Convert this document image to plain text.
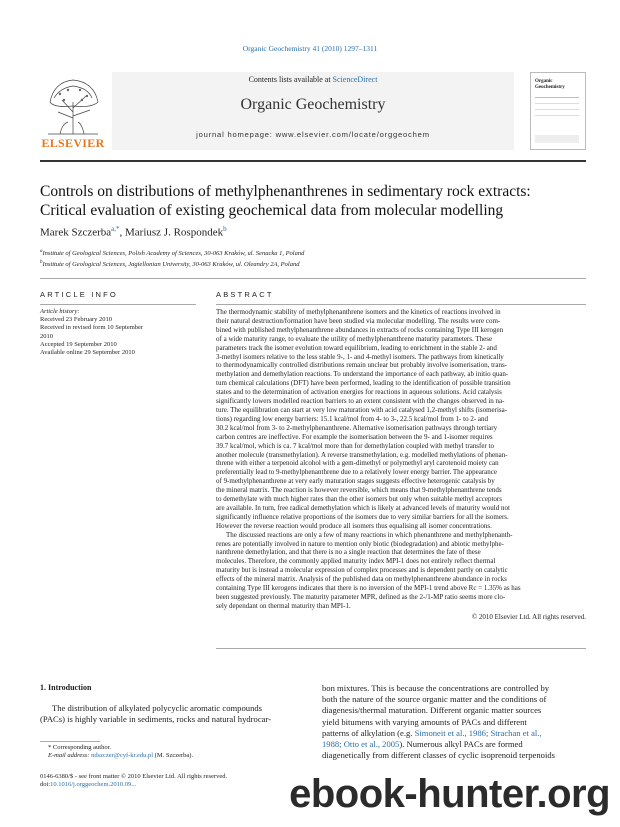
Organic Geochemistry 41 (2010) 1297–1311
ELSEVIER
Contents lists available at ScienceDirect
Organic Geochemistry
journal homepage: www.elsevier.com/locate/orggeochem
Organic
Geochemistry
Controls on distributions of methylphenanthrenes in sedimentary rock extracts:
Critical evaluation of existing geochemical data from molecular modelling
Marek Szczerba$^{a,*}$, Mariusz J. Rospondek$^b$
$^a$Institute of Geological Sciences, Polish Academy of Sciences, 30-063 Kraków, ul. Senacka 1, Poland
$^b$Institute of Geological Sciences, Jagiellonian University, 30-063 Kraków, ul. Oleandry 2A, Poland
ARTICLE INFO
Article history:
Received 23 February 2010
Received in revised form 10 September
2010
Accepted 19 September 2010
Available online 29 September 2010
ABSTRACT
The thermodynamic stability of methylphenanthrene isomers and the kinetics of reactions involved in
their natural destruction/formation have been studied via molecular modelling. The results were com-
bined with published methylphenanthrene abundances in extracts of rocks containing Type III kerogen
of a wide maturity range, to evaluate the utility of methylphenanthrene maturity parameters. These
parameters track the isomer evolution toward equilibrium, leading to enrichment in the stable 2- and
3-methyl isomers relative to the less stable 9-, 1- and 4-methyl isomers. The pathways from kinetically
to thermodynamically controlled distributions remain unclear but probably involve isomerisation, trans-
methylation and demethylation reactions. To understand the importance of each pathway, ab initio quan-
tum chemical calculations (DFT) have been performed, leading to the identification of possible transition
states and to the determination of activation energies for reactions in aqueous solutions. Acid catalysis
significantly lowers modelled reaction barriers to an extent consistent with the changes observed in na-
ture. The equilibration can start at very low maturation with acid catalysed 1,2-methyl shifts (isomerisa-
tions) regarding low energy barriers: 15.1 kcal/mol from 4- to 3-, 22.5 kcal/mol from 1- to 2- and
30.2 kcal/mol from 3- to 2-methylphenanthrene. Alternative isomerisation pathways through tertiary
carbon centres are ineffective. For example the isomerisation between the 9- and 1-isomer requires
39.7 kcal/mol, which is ca. 7 kcal/mol more than for demethylation coupled with methyl transfer to
another molecule (transmethylation). A reverse transmethylation, e.g. modelled methylations of phenan-
threne with either a terpenoid alcohol with a gem-dimethyl or polymethyl aryl carotenoid moiety can
preferentially lead to 9-methylphenanthrene due to a relatively lower energy barrier. The appearance
of 9-methylphenanthrene at very early maturation stages suggests effective heterogenic catalysis by
the mineral matrix. The reaction is however reversible, which means that 9-methylphenanthrene tends
to demethylate with much higher rates than the other isomers but only when suitable methyl acceptors
are available. In turn, free radical demethylation which is likely at advanced levels of maturity would not
significantly influence relative proportions of the isomers due to very similar barriers for all the isomers.
However the reverse reaction would produce all isomers thus equalising all isomer concentrations.
The discussed reactions are only a few of many reactions in which phenanthrene and methylphenanth-
renes are potentially involved in nature to mention only biotic (biodegradation) and abiotic methylphe-
nanthrene demethylation, and that there is no a single reaction that determines the fate of these
molecules. Therefore, the commonly applied maturity index MPI-1 does not entirely reflect thermal
maturity but is instead a molecular expression of complex processes and is dependent partly on catalytic
effects of the mineral matrix. Analysis of the published data on methylphenanthrene abundance in rocks
containing Type III kerogens indicates that there is no inversion of the MPI-1 trend above Rc = 1.35% as has
been suggested previously. The maturity parameter MPR, defined as the 2-/1-MP ratio seems more clo-
sely dependant on thermal maturity than MPI-1.
© 2010 Elsevier Ltd. All rights reserved.
1. Introduction
The distribution of alkylated polycyclic aromatic compounds
(PACs) is highly variable in sediments, rocks and natural hydrocar-
bon mixtures. This is because the concentrations are controlled by
both the nature of the source organic matter and the conditions of
diagenesis/thermal maturation. Different organic matter sources
yield bitumens with varying amounts of PACs and different
patterns of alkylation (e.g. Simoneit et al., 1986; Strachan et al.,
1988; Otto et al., 2005). Numerous alkyl PACs are formed
diagenetically from different classes of cyclic isoprenoid terpenoids
* Corresponding author.
E-mail address: ndszczer@cyf-kr.edu.pl (M. Szczerba).
0146-6380/$ - see front matter © 2010 Elsevier Ltd. All rights reserved.
doi:10.1016/j.orggeochem.2010.09...	ebook-hunter.org
